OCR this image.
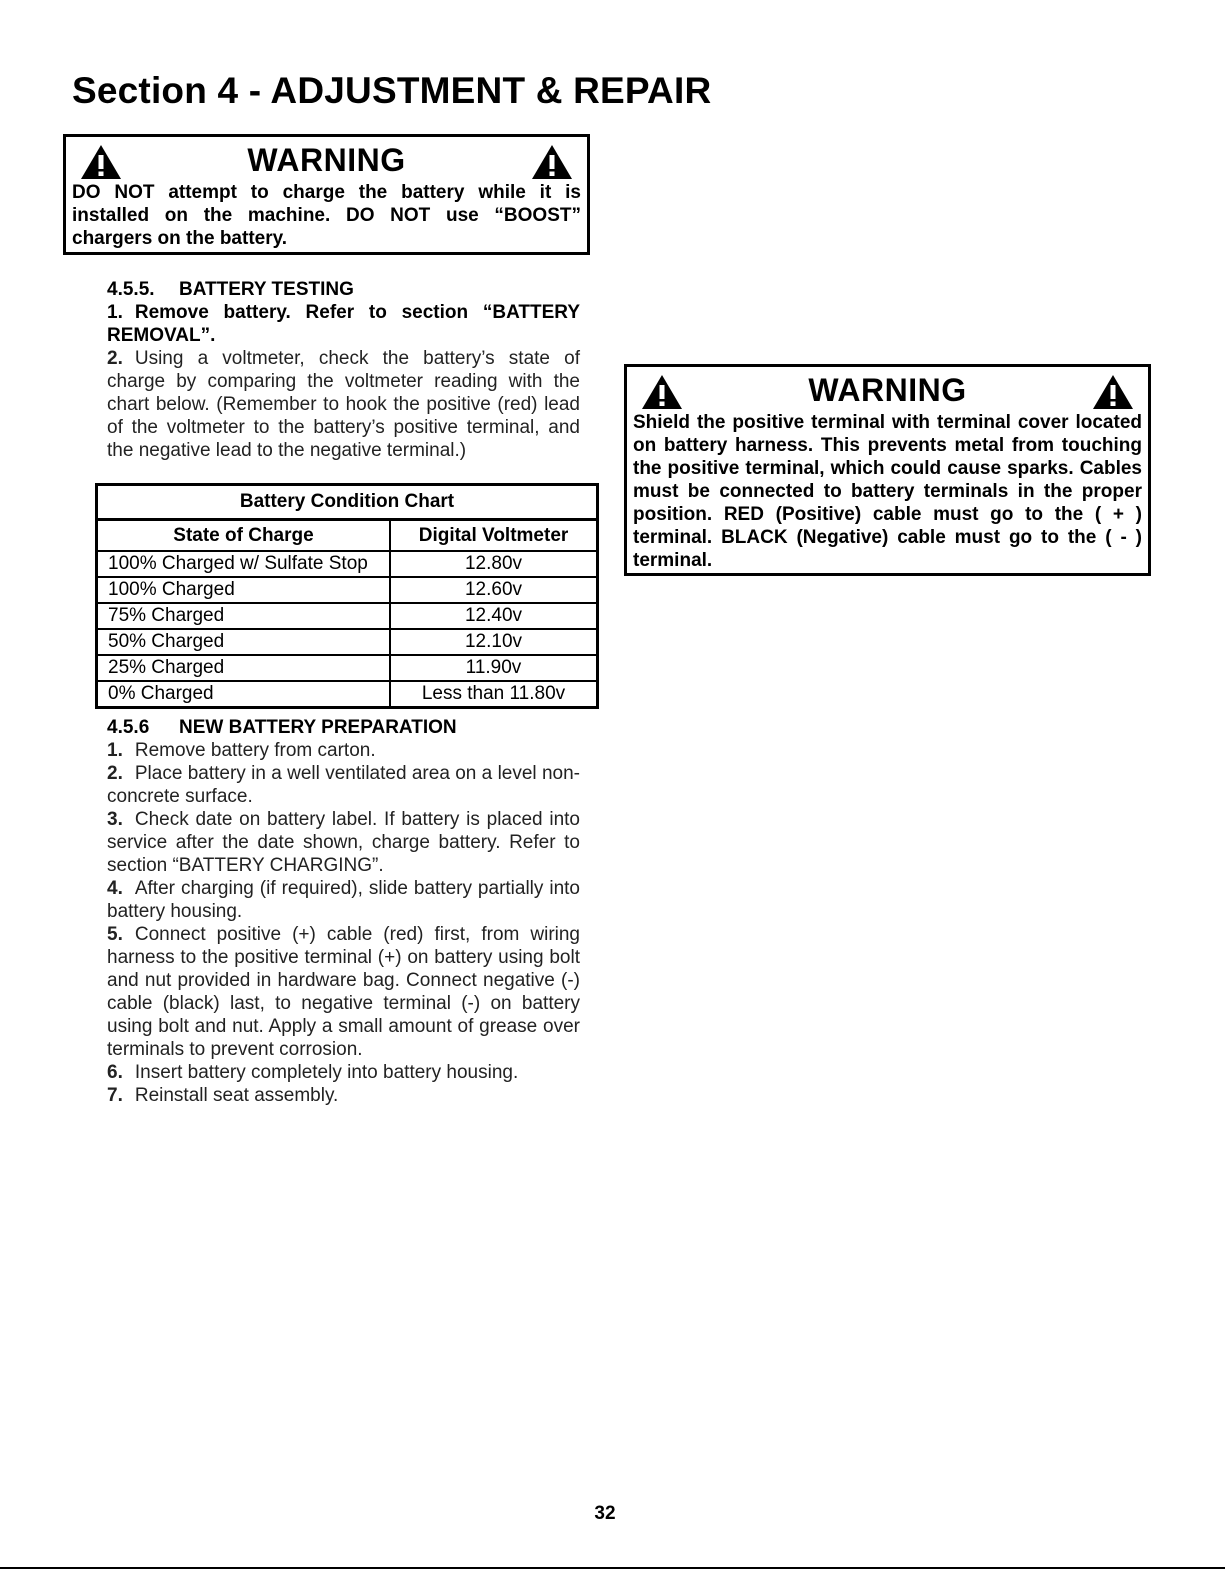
Section 4 - ADJUSTMENT & REPAIR
WARNING

DO NOT attempt to charge the battery while it is installed on the machine. DO NOT use “BOOST” chargers on the battery.

4.5.5. BATTERY TESTING

1. Remove battery. Refer to section “BATTERY REMOVAL”.

2. Using a voltmeter, check the battery’s state of charge by comparing the voltmeter reading with the chart below. (Remember to hook the positive (red) lead of the voltmeter to the battery’s positive terminal, and the negative lead to the negative terminal.)

Battery Condition Chart	
State of Charge	Digital Voltmeter
100% Charged w/ Sulfate Stop	12.80v
100% Charged	12.60v
75% Charged	12.40v
50% Charged	12.10v
25% Charged	11.90v
0% Charged	Less than 11.80v

4.5.6 NEW BATTERY PREPARATION

1. Remove battery from carton.

2. Place battery in a well ventilated area on a level non-concrete surface.

3. Check date on battery label. If battery is placed into service after the date shown, charge battery. Refer to section “BATTERY CHARGING”.

4. After charging (if required), slide battery partially into battery housing.

5. Connect positive (+) cable (red) first, from wiring harness to the positive terminal (+) on battery using bolt and nut provided in hardware bag. Connect negative (-) cable (black) last, to negative terminal (-) on battery using bolt and nut. Apply a small amount of grease over terminals to prevent corrosion.

6. Insert battery completely into battery housing.

7. Reinstall seat assembly.

WARNING

Shield the positive terminal with terminal cover located on battery harness. This prevents metal from touching the positive terminal, which could cause sparks. Cables must be connected to battery terminals in the proper position. RED (Positive) cable must go to the ( + ) terminal. BLACK (Negative) cable must go to the ( - ) terminal.

32
